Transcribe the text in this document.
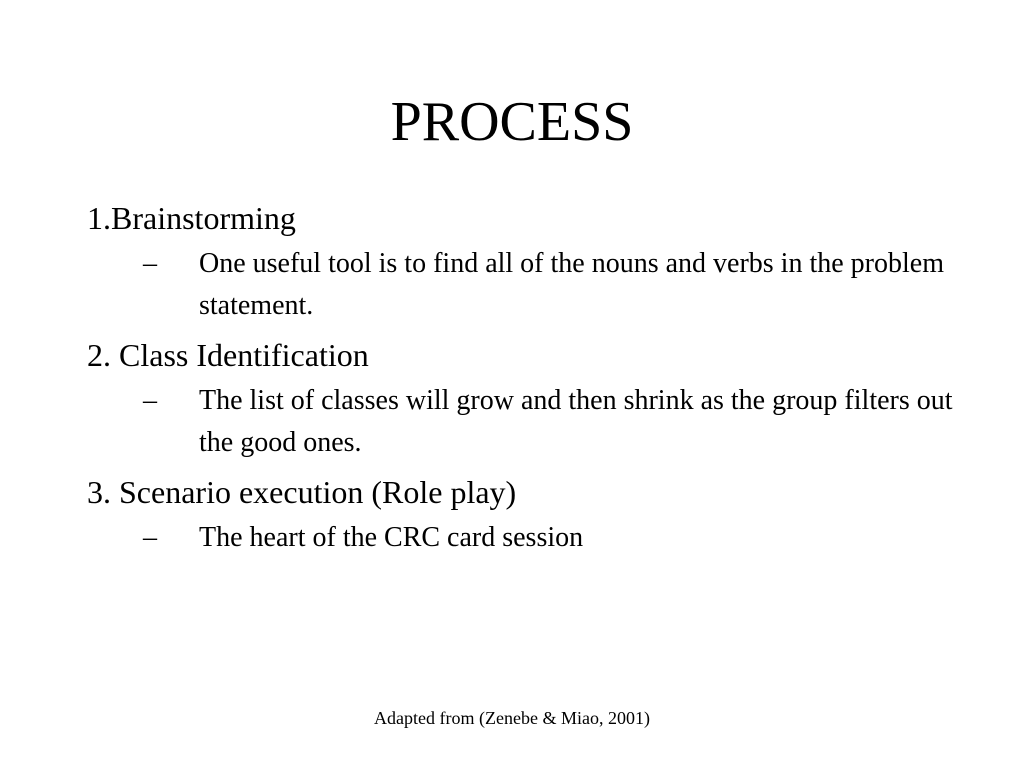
PROCESS

1.Brainstorming

– One useful tool is to find all of the nouns and verbs in the problem statement.

2. Class Identification

– The list of classes will grow and then shrink as the group filters out the good ones.

3. Scenario execution (Role play)

– The heart of the CRC card session
Adapted from (Zenebe & Miao, 2001)
